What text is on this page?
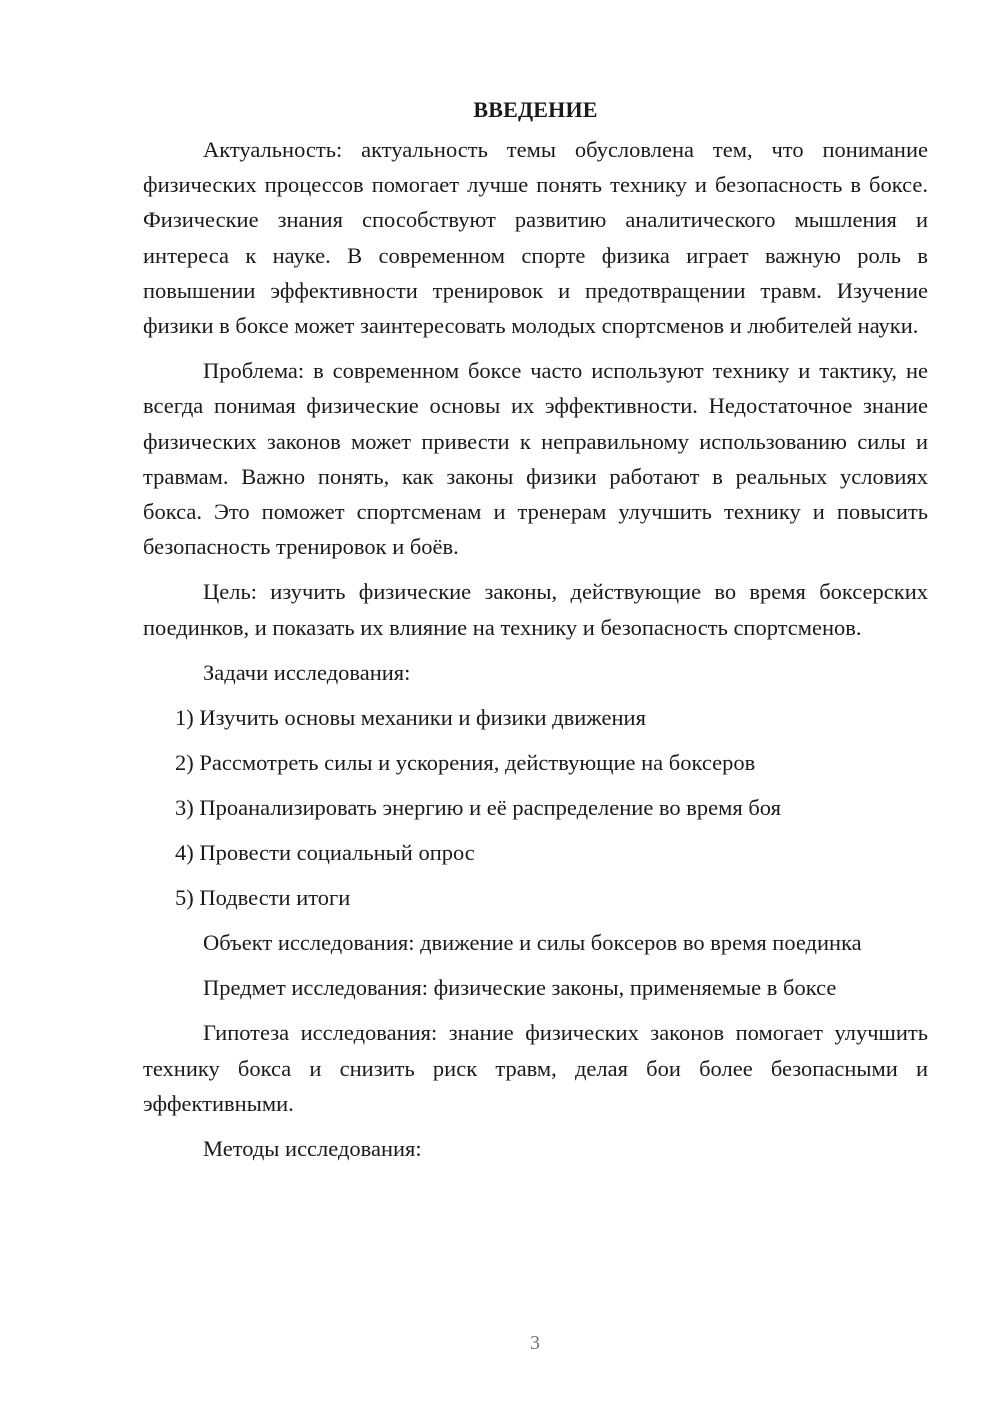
ВВЕДЕНИЕ

Актуальность: актуальность темы обусловлена тем, что понимание физических процессов помогает лучше понять технику и безопасность в боксе. Физические знания способствуют развитию аналитического мышления и интереса к науке. В современном спорте физика играет важную роль в повышении эффективности тренировок и предотвращении травм. Изучение физики в боксе может заинтересовать молодых спортсменов и любителей науки.

Проблема: в современном боксе часто используют технику и тактику, не всегда понимая физические основы их эффективности. Недостаточное знание физических законов может привести к неправильному использованию силы и травмам. Важно понять, как законы физики работают в реальных условиях бокса. Это поможет спортсменам и тренерам улучшить технику и повысить безопасность тренировок и боёв.

Цель: изучить физические законы, действующие во время боксерских поединков, и показать их влияние на технику и безопасность спортсменов.

Задачи исследования:

1) Изучить основы механики и физики движения

2) Рассмотреть силы и ускорения, действующие на боксеров

3) Проанализировать энергию и её распределение во время боя

4) Провести социальный опрос

5) Подвести итоги

Объект исследования: движение и силы боксеров во время поединка

Предмет исследования: физические законы, применяемые в боксе

Гипотеза исследования: знание физических законов помогает улучшить технику бокса и снизить риск травм, делая бои более безопасными и эффективными.

Методы исследования:

3
